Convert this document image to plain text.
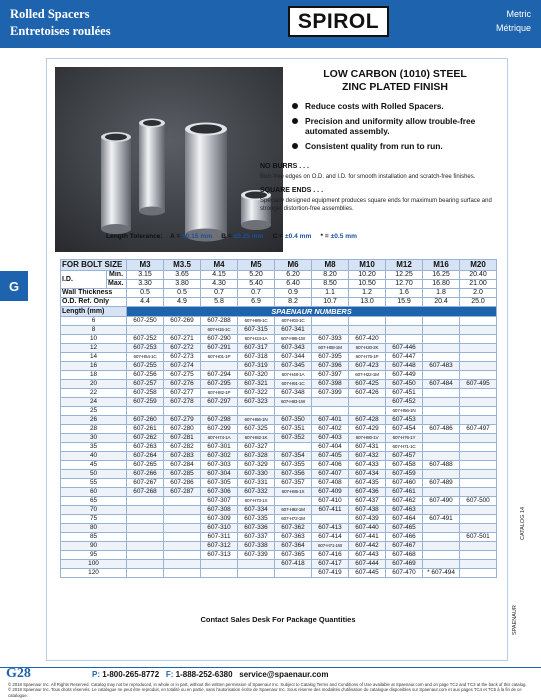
Rolled Spacers
Entretoises roulées	SPIROL	Metric
Métrique
G
LOW CARBON (1010) STEEL
ZINC PLATED FINISH
Reduce costs with Rolled Spacers.
Precision and uniformity allow trouble-free automated assembly.
Consistent quality from run to run.
NO BURRS . . .
Burr-free edges on O.D. and I.D. for smooth installation and scratch-free finishes.
SQUARE ENDS . . .
Specially designed equipment produces square ends for maximum bearing surface and stronger distortion-free assemblies.
Length Tolerance: A = ±0.15 mm B = ±0.25 mm C = ±0.4 mm * = ±0.5 mm
FOR BOLT SIZE		M3	M3.5	M4	M5	M6	M8	M10	M12	M16	M20
I.D.	Min.	3.15	3.65	4.15	5.20	6.20	8.20	10.20	12.25	16.25	20.40
	Max.	3.30	3.80	4.30	5.40	6.40	8.50	10.50	12.70	16.80	21.00
Wall Thickness		0.5	0.5	0.7	0.7	0.9	1.1	1.2	1.6	1.8	2.0
O.D. Ref. Only		4.4	4.9	5.8	6.9	8.2	10.7	13.0	15.9	20.4	25.0
Length (mm)		SPAENAUR NUMBERS									
6		607-250	607-269	607-288	607-H89-1C	607-H03-1C					
8				607-H15-1C	607-315	607-341					
10		607-252	607-271	607-290	607-H24-1A	607-H95-1W	607-393	607-420			
12		607-253	607-272	607-291	607-317	607-343	607-H08-1M	607-H20-2K	607-446		
14		607-H54-1C	607-273	607-H01-1P	607-318	607-344	607-395	607-H75-1P	607-447		
16		607-255	607-274		607-319	607-345	607-396	607-423	607-448	607-483	
18		607-256	607-275	607-294	607-320	607-H48-1A	607-397	607-H22-1M	607-449		
20		607-257	607-276	607-295	607-321	607-H91-1C	607-398	607-425	607-450	607-484	607-495
22		607-258	607-277	607-H82-1P	607-322	607-348	607-399	607-426	607-451		
24		607-259	607-278	607-297	607-323	607-H83-1W			607-452		
25									607-H56-1N		
26		607-260	607-279	607-298	607-H66-1N	607-350	607-401	607-428	607-453		
28		607-261	607-280	607-299	607-325	607-351	607-402	607-429	607-454	607-486	607-497
30		607-262	607-281	607-H74-1A	607-H82-1K	607-352	607-403	607-H80-1V	607-H76-1Y		
35		607-263	607-282	607-301	607-327		607-404	607-431	607-H71-1C		
40		607-264	607-283	607-302	607-328	607-354	607-405	607-432	607-457		
45		607-265	607-284	607-303	607-329	607-355	607-406	607-433	607-458	607-488	
50		607-266	607-285	607-304	607-330	607-356	607-407	607-434	607-459		
55		607-267	607-286	607-305	607-331	607-357	607-408	607-435	607-460	607-489	
60		607-268	607-287	607-306	607-332	607-H85-1X	607-409	607-436	607-461		
65				607-307	607-H73-1X		607-410	607-437	607-462	607-490	607-500
70				607-308	607-334	607-H92-1M	607-411	607-438	607-463		
75				607-309	607-335	607-H72-1M		607-439	607-464	607-491	
80				607-310	607-336	607-362	607-413	607-440	607-465		
85				607-311	607-337	607-363	607-414	607-441	607-466		607-501
90				607-312	607-338	607-364	607-H71-1W	607-442	607-467		
95				607-313	607-339	607-365	607-416	607-443	607-468		
100						607-418	607-417	607-444	607-469		
120							607-419	607-445	607-470	* 607-494	
Contact Sales Desk For Package Quantities
CATALOG 14
SPAENAUR
G28	P: 1-800-265-8772 F: 1-888-252-6380 service@spaenaur.com
© 2018 Spaenaur Inc. All Rights Reserved. Catalog may not be reproduced, in whole or in part, without the written permission of Spaenaur Inc. Subject to Catalog Terms and Conditions of Use available at Spaenaur.com and on page TC2 and TC3 at the back of this catalog.
© 2018 Spaenaur Inc. Tous droits réservés. Le catalogue ne peut être reproduit, en totalité ou en partie, sans l'autorisation écrite de Spaenaur Inc. Sous réserve des modalités d'utilisation du catalogue disponibles sur Spaenaur.com et aux pages TC4 et TC5 à la fin de ce catalogue.
